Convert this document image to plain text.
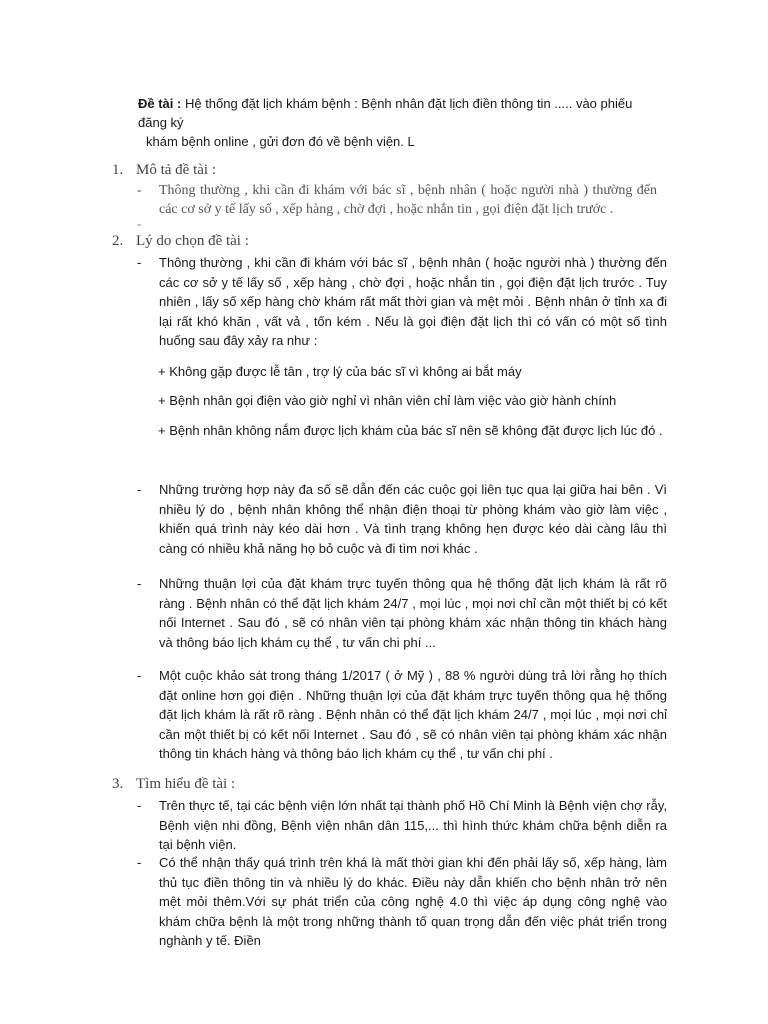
Đề tài : Hệ thống đặt lịch khám bệnh : Bệnh nhân đặt lịch điền thông tin ..... vào phiếu đăng ký
khám bệnh online , gửi đơn đó về bệnh viện. L
1. Mô tả đề tài :
- Thông thường , khi cần đi khám với bác sĩ , bệnh nhân ( hoặc người nhà ) thường đến các cơ sở y tế lấy số , xếp hàng , chờ đợi , hoặc nhắn tin , gọi điện đặt lịch trước .
-
2. Lý do chọn đề tài :
- Thông thường , khi cần đi khám với bác sĩ , bệnh nhân ( hoặc người nhà ) thường đến các cơ sở y tế lấy số , xếp hàng , chờ đợi , hoặc nhắn tin , gọi điện đặt lịch trước . Tuy nhiên , lấy số xếp hàng chờ khám rất mất thời gian và mệt mỏi . Bệnh nhân ở tỉnh xa đi lại rất khó khăn , vất vả , tốn kém . Nếu là gọi điện đặt lịch thì có vấn có một số tình huống sau đây xảy ra như :
+ Không gặp được lễ tân , trợ lý của bác sĩ vì không ai bắt máy
+ Bệnh nhân gọi điện vào giờ nghỉ vì nhân viên chỉ làm việc vào giờ hành chính
+ Bệnh nhân không nắm được lịch khám của bác sĩ nên sẽ không đặt được lịch lúc đó .
- Những trường hợp này đa số sẽ dẫn đến các cuộc gọi liên tục qua lại giữa hai bên . Vì nhiều lý do , bệnh nhân không thể nhận điện thoại từ phòng khám vào giờ làm việc , khiến quá trình này kéo dài hơn . Và tình trạng không hẹn được kéo dài càng lâu thì càng có nhiều khả năng họ bỏ cuộc và đi tìm nơi khác .
- Những thuận lợi của đặt khám trực tuyến thông qua hệ thống đặt lịch khám là rất rõ ràng . Bệnh nhân có thể đặt lịch khám 24/7 , mọi lúc , mọi nơi chỉ cần một thiết bị có kết nối Internet . Sau đó , sẽ có nhân viên tại phòng khám xác nhận thông tin khách hàng và thông báo lịch khám cụ thể , tư vấn chi phí ...
- Một cuộc khảo sát trong tháng 1/2017 ( ở Mỹ ) , 88 % người dùng trả lời rằng họ thích đặt online hơn gọi điện . Những thuận lợi của đặt khám trực tuyến thông qua hệ thống đặt lịch khám là rất rõ ràng . Bệnh nhân có thể đặt lịch khám 24/7 , mọi lúc , mọi nơi chỉ cần một thiết bị có kết nối Internet . Sau đó , sẽ có nhân viên tại phòng khám xác nhận thông tin khách hàng và thông báo lịch khám cụ thể , tư vấn chi phí .
3. Tìm hiểu đề tài :
- Trên thực tế, tại các bệnh viện lớn nhất tại thành phố Hồ Chí Minh là Bệnh viện chợ rẫy, Bệnh viện nhi đồng, Bệnh viện nhân dân 115,... thì hình thức khám chữa bệnh diễn ra tại bệnh viện.
- Có thể nhận thấy quá trình trên khá là mất thời gian khi đến phải lấy số, xếp hàng, làm thủ tục điền thông tin và nhiều lý do khác. Điều này dẫn khiến cho bệnh nhân trở nên mệt mỏi thêm.Với sự phát triển của công nghệ 4.0 thì việc áp dụng công nghệ vào khám chữa bệnh là một trong những thành tố quan trọng dẫn đến việc phát triển trong nghành y tế. Điền
